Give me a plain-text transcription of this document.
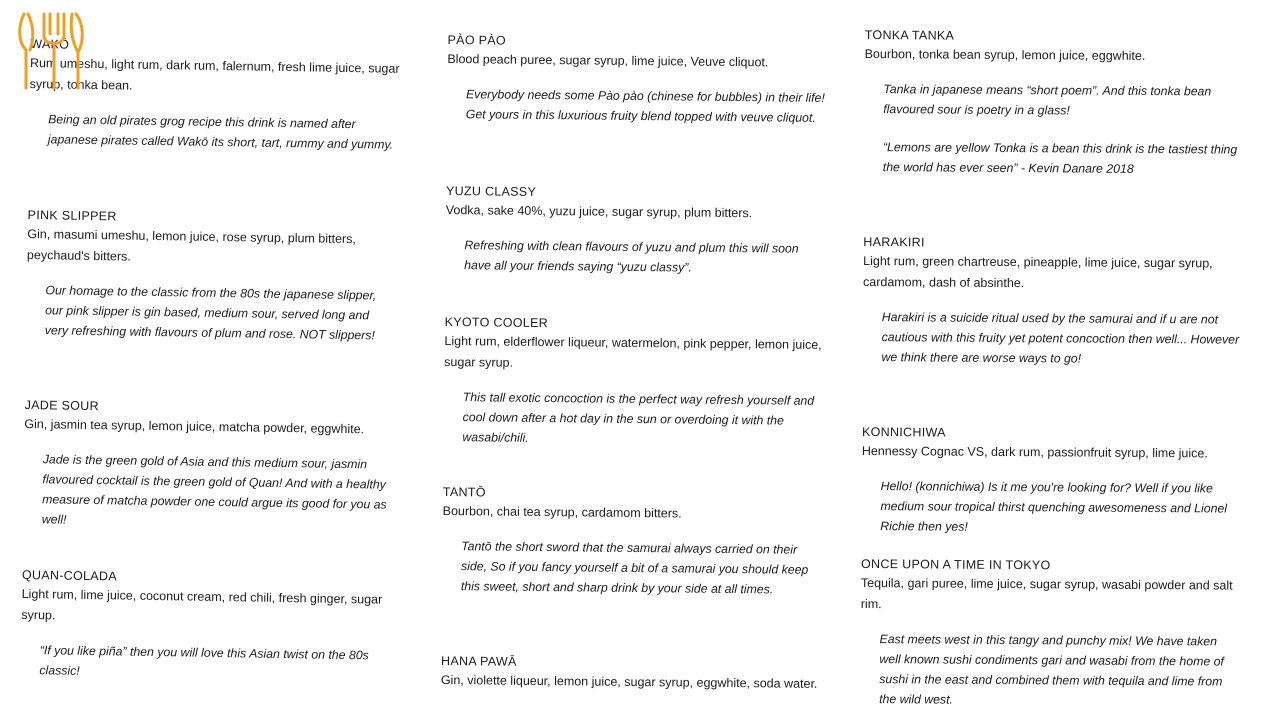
WAKŌ
Rum umeshu, light rum, dark rum, falernum, fresh lime juice, sugar syrup, tonka bean.

Being an old pirates grog recipe this drink is named after japanese pirates called Wakō its short, tart, rummy and yummy.

PINK SLIPPER
Gin, masumi umeshu, lemon juice, rose syrup, plum bitters, peychaud's bitters.

Our homage to the classic from the 80s the japanese slipper, our pink slipper is gin based, medium sour, served long and very refreshing with flavours of plum and rose. NOT slippers!

JADE SOUR
Gin, jasmin tea syrup, lemon juice, matcha powder, eggwhite.

Jade is the green gold of Asia and this medium sour, jasmin flavoured cocktail is the green gold of Quan! And with a healthy measure of matcha powder one could argue its good for you as well!

QUAN-COLADA
Light rum, lime juice, coconut cream, red chili, fresh ginger, sugar syrup.

“If you like piña” then you will love this Asian twist on the 80s classic!

PÀO PÀO
Blood peach puree, sugar syrup, lime juice, Veuve cliquot.

Everybody needs some Pào pào (chinese for bubbles) in their life! Get yours in this luxurious fruity blend topped with veuve cliquot.

YUZU CLASSY
Vodka, sake 40%, yuzu juice, sugar syrup, plum bitters.

Refreshing with clean flavours of yuzu and plum this will soon have all your friends saying “yuzu classy”.

KYOTO COOLER
Light rum, elderflower liqueur, watermelon, pink pepper, lemon juice, sugar syrup.

This tall exotic concoction is the perfect way refresh yourself and cool down after a hot day in the sun or overdoing it with the wasabi/chili.

TANTŌ
Bourbon, chai tea syrup, cardamom bitters.

Tantō the short sword that the samurai always carried on their side, So if you fancy yourself a bit of a samurai you should keep this sweet, short and sharp drink by your side at all times.

HANA PAWĀ
Gin, violette liqueur, lemon juice, sugar syrup, eggwhite, soda water.
TONKA TANKA
Bourbon, tonka bean syrup, lemon juice, eggwhite.

Tanka in japanese means “short poem”. And this tonka bean flavoured sour is poetry in a glass!

“Lemons are yellow Tonka is a bean this drink is the tastiest thing the world has ever seen” - Kevin Danare 2018

HARAKIRI
Light rum, green chartreuse, pineapple, lime juice, sugar syrup, cardamom, dash of absinthe.

Harakiri is a suicide ritual used by the samurai and if u are not cautious with this fruity yet potent concoction then well... However we think there are worse ways to go!

KONNICHIWA
Hennessy Cognac VS, dark rum, passionfruit syrup, lime juice.

Hello! (konnichiwa) Is it me you're looking for? Well if you like medium sour tropical thirst quenching awesomeness and Lionel Richie then yes!

ONCE UPON A TIME IN TOKYO
Tequila, gari puree, lime juice, sugar syrup, wasabi powder and salt rim.

East meets west in this tangy and punchy mix! We have taken well known sushi condiments gari and wasabi from the home of sushi in the east and combined them with tequila and lime from the wild west.
